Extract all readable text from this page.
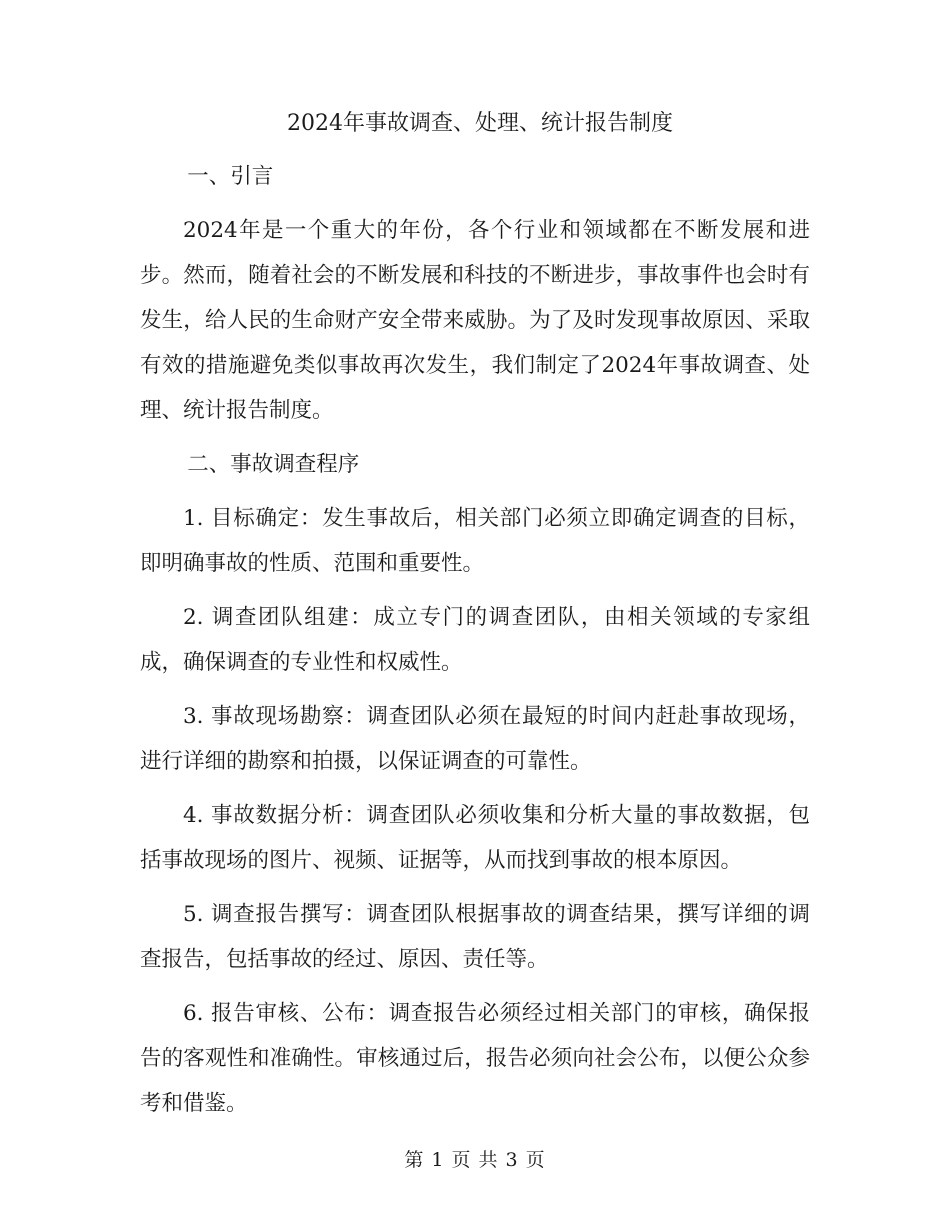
2024年事故调查、处理、统计报告制度

一、引言

2024年是一个重大的年份，各个行业和领域都在不断发展和进步。然而，随着社会的不断发展和科技的不断进步，事故事件也会时有发生，给人民的生命财产安全带来威胁。为了及时发现事故原因、采取有效的措施避免类似事故再次发生，我们制定了2024年事故调查、处理、统计报告制度。

二、事故调查程序

1. 目标确定：发生事故后，相关部门必须立即确定调查的目标，即明确事故的性质、范围和重要性。

2. 调查团队组建：成立专门的调查团队，由相关领域的专家组成，确保调查的专业性和权威性。

3. 事故现场勘察：调查团队必须在最短的时间内赶赴事故现场，进行详细的勘察和拍摄，以保证调查的可靠性。

4. 事故数据分析：调查团队必须收集和分析大量的事故数据，包括事故现场的图片、视频、证据等，从而找到事故的根本原因。

5. 调查报告撰写：调查团队根据事故的调查结果，撰写详细的调查报告，包括事故的经过、原因、责任等。

6. 报告审核、公布：调查报告必须经过相关部门的审核，确保报告的客观性和准确性。审核通过后，报告必须向社会公布，以便公众参考和借鉴。

第 1 页 共 3 页
